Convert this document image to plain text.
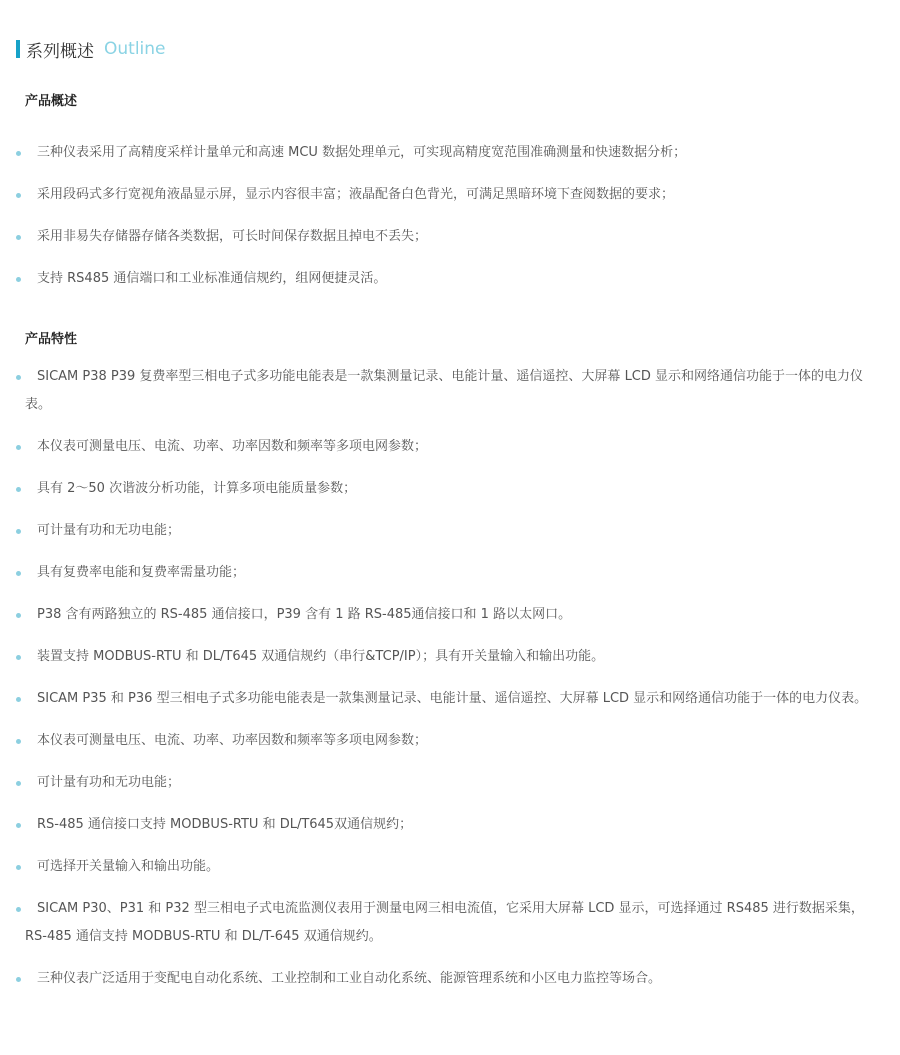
系列概述 Outline
产品概述
三种仪表采用了高精度采样计量单元和高速 MCU 数据处理单元，可实现高精度宽范围准确测量和快速数据分析；
采用段码式多行宽视角液晶显示屏，显示内容很丰富；液晶配备白色背光，可满足黑暗环境下查阅数据的要求；
采用非易失存储器存储各类数据，可长时间保存数据且掉电不丢失；
支持 RS485 通信端口和工业标准通信规约，组网便捷灵活。
产品特性
SICAM P38 P39 复费率型三相电子式多功能电能表是一款集测量记录、电能计量、遥信遥控、大屏幕 LCD 显示和网络通信功能于一体的电力仪表。
本仪表可测量电压、电流、功率、功率因数和频率等多项电网参数；
具有 2～50 次谐波分析功能，计算多项电能质量参数；
可计量有功和无功电能；
具有复费率电能和复费率需量功能；
P38 含有两路独立的 RS-485 通信接口，P39 含有 1 路 RS-485通信接口和 1 路以太网口。
装置支持 MODBUS-RTU 和 DL/T645 双通信规约（串行&TCP/IP）；具有开关量输入和输出功能。
SICAM P35 和 P36 型三相电子式多功能电能表是一款集测量记录、电能计量、遥信遥控、大屏幕 LCD 显示和网络通信功能于一体的电力仪表。
本仪表可测量电压、电流、功率、功率因数和频率等多项电网参数；
可计量有功和无功电能；
RS-485 通信接口支持 MODBUS-RTU 和 DL/T645双通信规约；
可选择开关量输入和输出功能。
SICAM P30、P31 和 P32 型三相电子式电流监测仪表用于测量电网三相电流值，它采用大屏幕 LCD 显示，可选择通过 RS485 进行数据采集，RS-485 通信支持 MODBUS-RTU 和 DL/T-645 双通信规约。
三种仪表广泛适用于变配电自动化系统、工业控制和工业自动化系统、能源管理系统和小区电力监控等场合。
